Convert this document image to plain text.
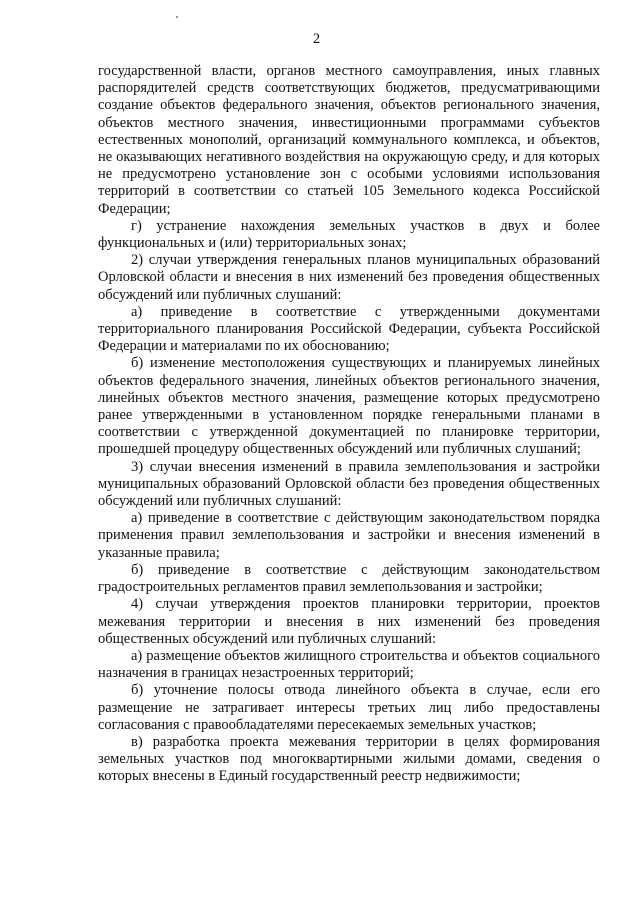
2

государственной власти, органов местного самоуправления, иных главных распорядителей средств соответствующих бюджетов, предусматривающими создание объектов федерального значения, объектов регионального значения, объектов местного значения, инвестиционными программами субъектов естественных монополий, организаций коммунального комплекса, и объектов, не оказывающих негативного воздействия на окружающую среду, и для которых не предусмотрено установление зон с особыми условиями использования территорий в соответствии со статьей 105 Земельного кодекса Российской Федерации;

г) устранение нахождения земельных участков в двух и более функциональных и (или) территориальных зонах;

2) случаи утверждения генеральных планов муниципальных образований Орловской области и внесения в них изменений без проведения общественных обсуждений или публичных слушаний:

а) приведение в соответствие с утвержденными документами территориального планирования Российской Федерации, субъекта Российской Федерации и материалами по их обоснованию;

б) изменение местоположения существующих и планируемых линейных объектов федерального значения, линейных объектов регионального значения, линейных объектов местного значения, размещение которых предусмотрено ранее утвержденными в установленном порядке генеральными планами в соответствии с утвержденной документацией по планировке территории, прошедшей процедуру общественных обсуждений или публичных слушаний;

3) случаи внесения изменений в правила землепользования и застройки муниципальных образований Орловской области без проведения общественных обсуждений или публичных слушаний:

а) приведение в соответствие с действующим законодательством порядка применения правил землепользования и застройки и внесения изменений в указанные правила;

б) приведение в соответствие с действующим законодательством градостроительных регламентов правил землепользования и застройки;

4) случаи утверждения проектов планировки территории, проектов межевания территории и внесения в них изменений без проведения общественных обсуждений или публичных слушаний:

а) размещение объектов жилищного строительства и объектов социального назначения в границах незастроенных территорий;

б) уточнение полосы отвода линейного объекта в случае, если его размещение не затрагивает интересы третьих лиц либо предоставлены согласования с правообладателями пересекаемых земельных участков;

в) разработка проекта межевания территории в целях формирования земельных участков под многоквартирными жилыми домами, сведения о которых внесены в Единый государственный реестр недвижимости;
